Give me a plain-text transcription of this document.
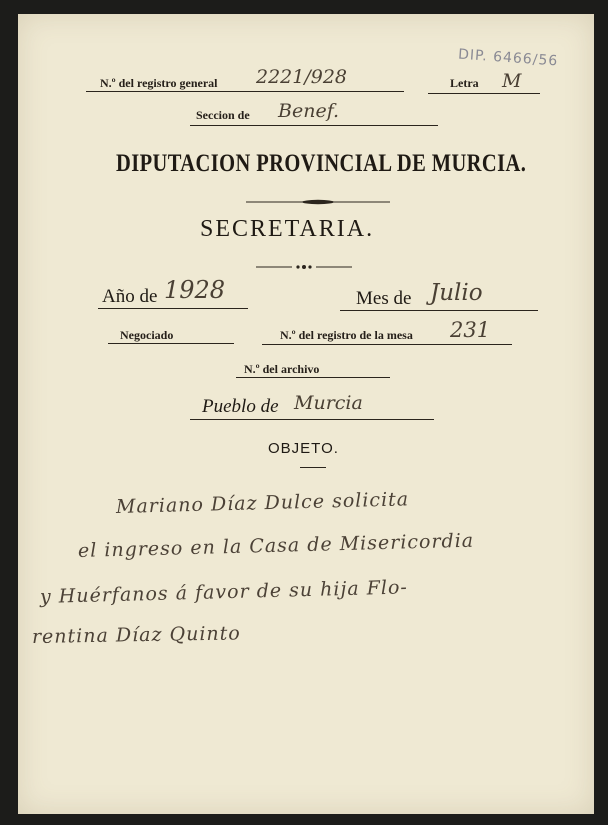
DIP. 6466/56
N.º del registro general 2221/928	Letra M
Seccion de Benef.
DIPUTACION PROVINCIAL DE MURCIA.
SECRETARIA.
Año de 1928	Mes de Julio
Negociado	N.º del registro de la mesa 231
N.º del archivo
Pueblo de Murcia
OBJETO.
Mariano Díaz Dulce solicita
el ingreso en la Casa de Misericordia
y Huérfanos á favor de su hija Flo-
rentina Díaz Quinto
